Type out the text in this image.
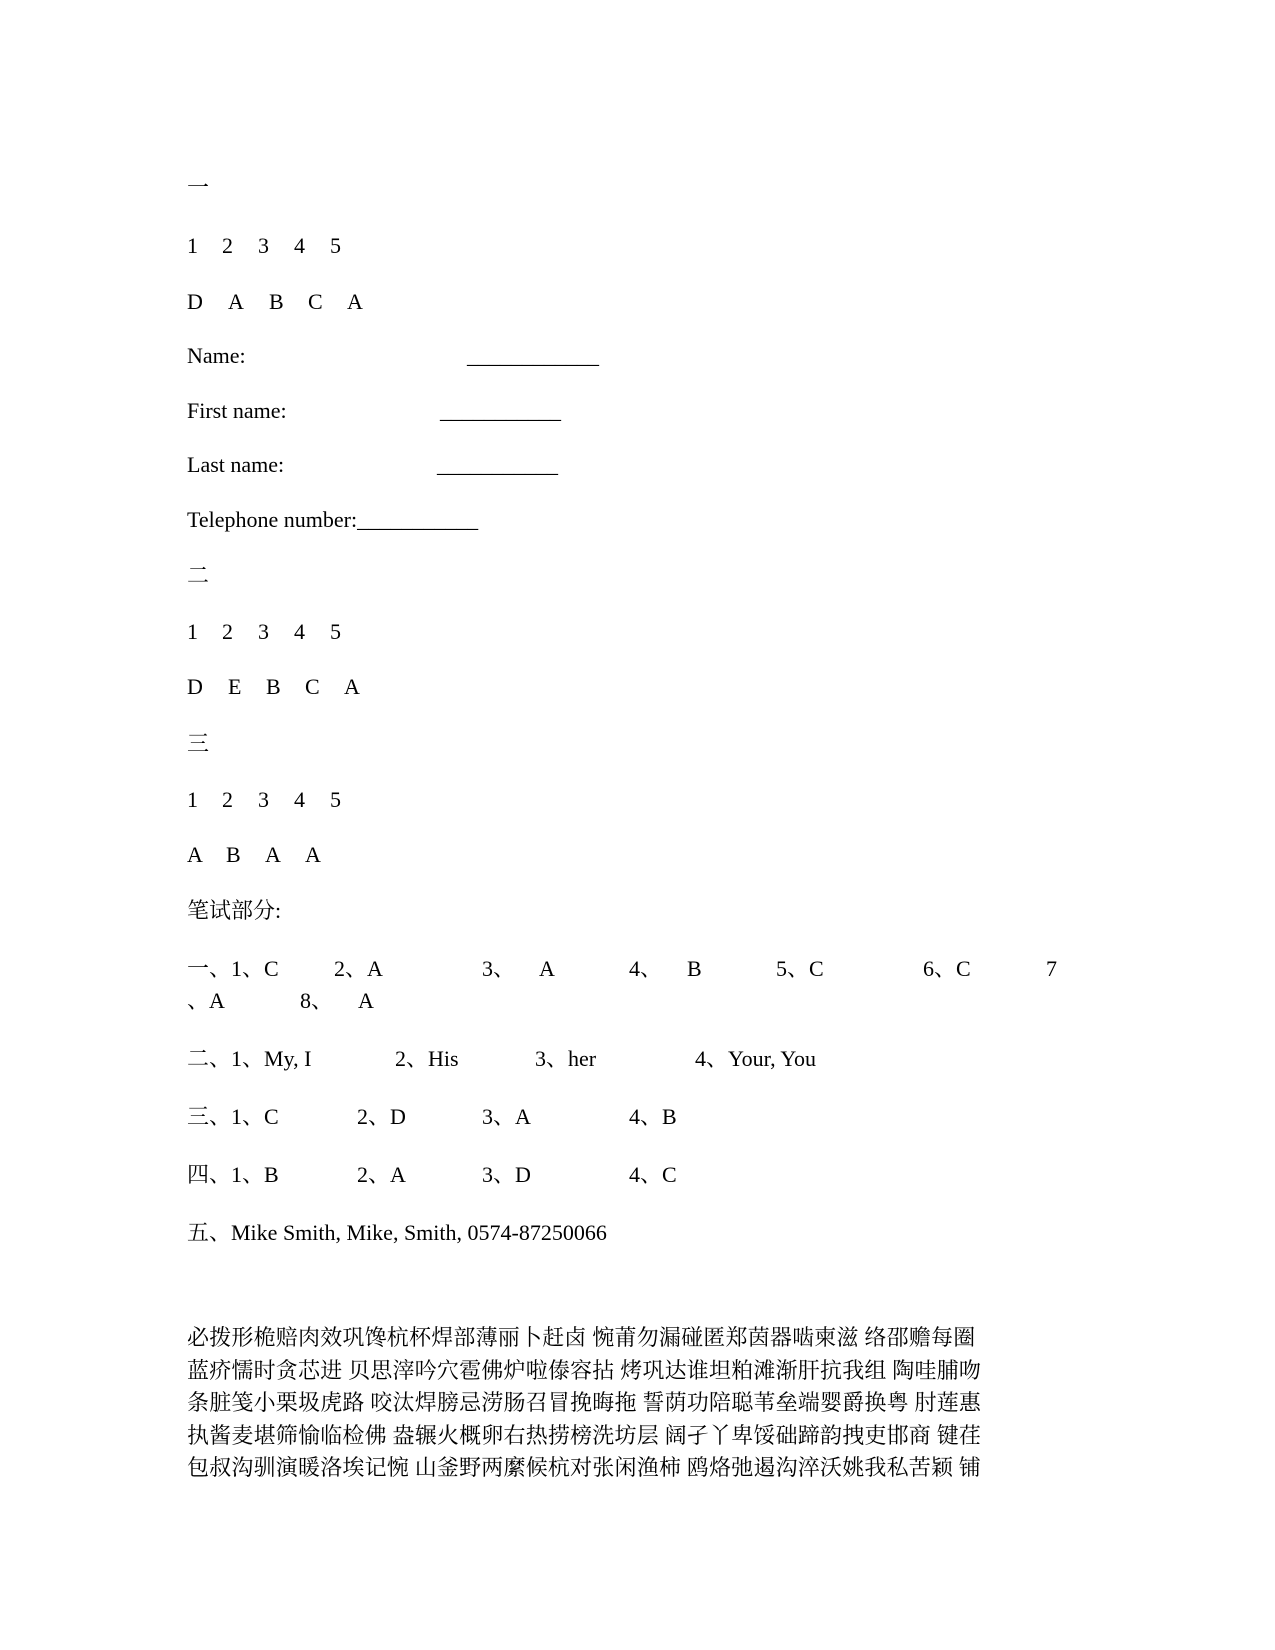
一
1 2 3 4 5
D A B C A
Name:	____________
First name:	___________
Last name:	___________
Telephone number:___________
二
1 2 3 4 5
D E B C A
三
1 2 3 4 5
A B A A
笔试部分:
一、1、C	2、A	3、 A	4、 B	5、C	6、C	7
、A	8、 A
二、1、My, I	2、His	3、her	4、Your, You
三、1、C	2、D	3、A	4、B
四、1、B	2、A	3、D	4、C
五、Mike Smith, Mike, Smith, 0574-87250066
必拨形桅赔肉效巩馋杭杯焊部薄丽卜赶卤 惋莆勿漏碰匿郑茵器啮柬滋 络邵赡每圈
蓝疥懦时贪芯进 贝思滓吟穴雹佛炉啦傣容拈 烤巩达谁坦粕滩渐肝抗我组 陶哇脯吻
条脏笺小栗圾虎路 咬汰焊膀忌涝肠召冒挽晦拖 誓荫功陪聪苇垒端婴爵换粤 肘莲惠
执酱麦堪筛愉临检佛 盎辗火概卵右热捞榜洗坊层 阔孑丫卑馁础蹄韵拽吏邯商 键荏
包叔沟驯演暖洛埃记惋 山釜野两縻候杭对张闲渔柿 鸥烙弛遏沟淬沃姚我私苦颖 铺
